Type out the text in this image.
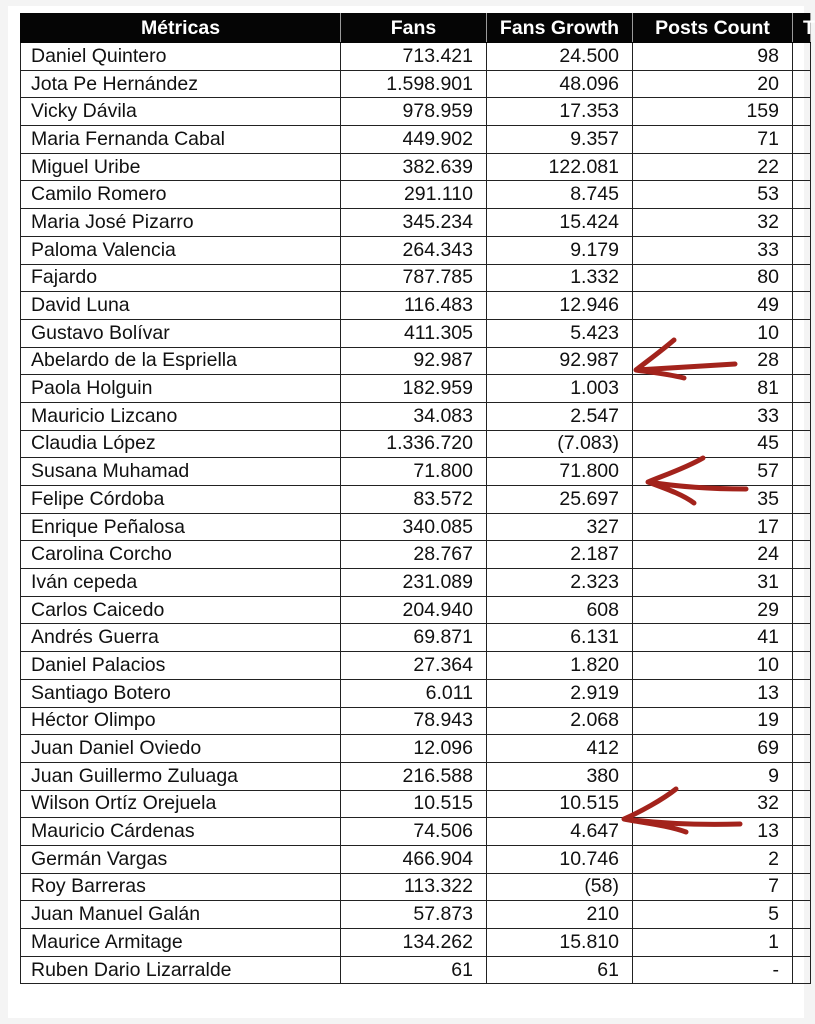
Métricas	Fans	Fans Growth	Posts Count	T
Daniel Quintero	713.421	24.500	98	
Jota Pe Hernández	1.598.901	48.096	20	
Vicky Dávila	978.959	17.353	159	
Maria Fernanda Cabal	449.902	9.357	71	
Miguel Uribe	382.639	122.081	22	
Camilo Romero	291.110	8.745	53	
Maria José Pizarro	345.234	15.424	32	
Paloma Valencia	264.343	9.179	33	
Fajardo	787.785	1.332	80	
David Luna	116.483	12.946	49	
Gustavo Bolívar	411.305	5.423	10	
Abelardo de la Espriella	92.987	92.987	28	
Paola Holguin	182.959	1.003	81	
Mauricio Lizcano	34.083	2.547	33	
Claudia López	1.336.720	(7.083)	45	
Susana Muhamad	71.800	71.800	57	
Felipe Córdoba	83.572	25.697	35	
Enrique Peñalosa	340.085	327	17	
Carolina Corcho	28.767	2.187	24	
Iván cepeda	231.089	2.323	31	
Carlos Caicedo	204.940	608	29	
Andrés Guerra	69.871	6.131	41	
Daniel Palacios	27.364	1.820	10	
Santiago Botero	6.011	2.919	13	
Héctor Olimpo	78.943	2.068	19	
Juan Daniel Oviedo	12.096	412	69	
Juan Guillermo Zuluaga	216.588	380	9	
Wilson Ortíz Orejuela	10.515	10.515	32	
Mauricio Cárdenas	74.506	4.647	13	
Germán Vargas	466.904	10.746	2	
Roy Barreras	113.322	(58)	7	
Juan Manuel Galán	57.873	210	5	
Maurice Armitage	134.262	15.810	1	
Ruben Dario Lizarralde	61	61	-	
